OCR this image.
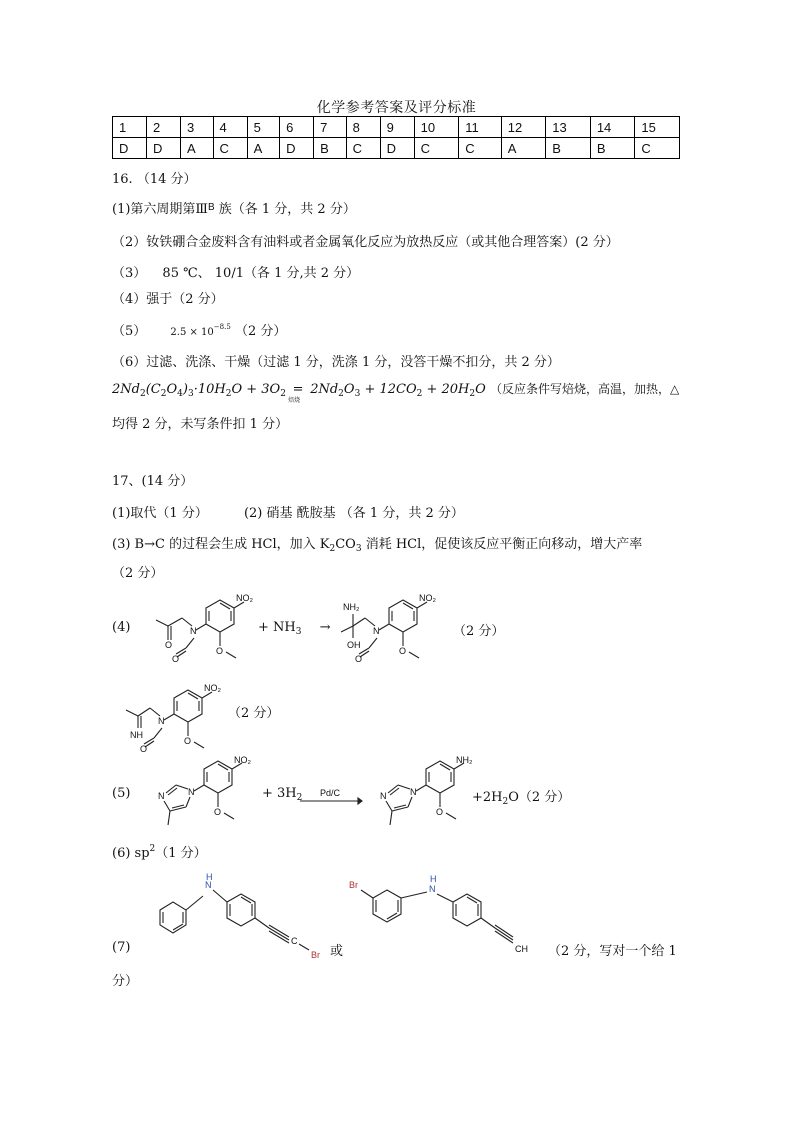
化学参考答案及评分标准
1	2	3	4	5	6	7	8	9	10	11	12	13	14	15
D	D	A	C	A	D	B	C	D	C	C	A	B	B	C
16. （14 分）
(1)第六周期第Ⅲ$^B$ 族（各 1 分，共 2 分）
（2）钕铁硼合金废料含有油料或者金属氧化反应为放热反应（或其他合理答案）(2 分）
（3） 85 ℃、 10/1（各 1 分,共 2 分）
（4）强于（2 分）
（5） $2.5 \times 10^{-8.5}$ （2 分）
（6）过滤、洗涤、干燥（过滤 1 分，洗涤 1 分，没答干燥不扣分，共 2 分）
$2Nd_2(C_2O_4)_3\cdot 10H_2O + 3O_2$ =
焙烧
$2Nd_2O_3 + 12CO_2 + 20H_2O$ （反应条件写焙烧，高温，加热，△
均得 2 分，未写条件扣 1 分）
17、(14 分）
(1)取代（1 分）	(2) 硝基 酰胺基 （各 1 分，共 2 分）
(3) B→C 的过程会生成 HCl，加入 $K_2CO_3$ 消耗 HCl，促使该反应平衡正向移动，增大产率
（2 分）
(4)
NO₂
N
O
O
O
+ $NH_3$ →
NO₂
N
NH₂
OH
O
O
（2 分）
NO₂
N
NH
O
O
（2 分）
(5)
NO₂
N
N
O
+ $3H_2$	Pd/C
NH₂
N
N
O
$+2H_2O(2$ 分）
(6) $sp^2(1$ 分）
N
H
C
Br
(7)	或
Br	N
H
CH （2 分，写对一个给 1
分）
